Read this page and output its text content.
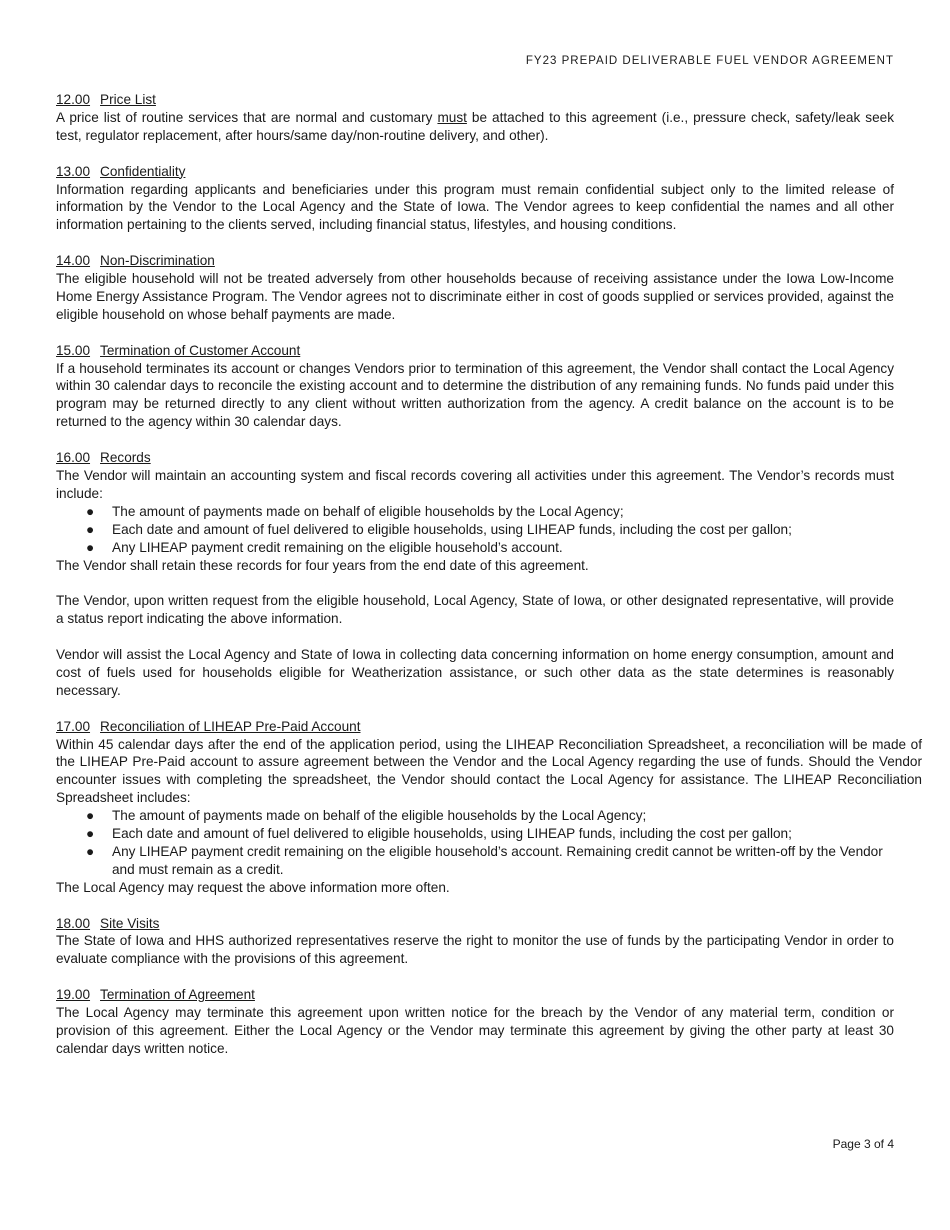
FY23 PREPAID DELIVERABLE FUEL VENDOR AGREEMENT
12.00 Price List

A price list of routine services that are normal and customary must be attached to this agreement (i.e., pressure check, safety/leak seek test, regulator replacement, after hours/same day/non-routine delivery, and other).

13.00 Confidentiality

Information regarding applicants and beneficiaries under this program must remain confidential subject only to the limited release of information by the Vendor to the Local Agency and the State of Iowa. The Vendor agrees to keep confidential the names and all other information pertaining to the clients served, including financial status, lifestyles, and housing conditions.

14.00 Non-Discrimination

The eligible household will not be treated adversely from other households because of receiving assistance under the Iowa Low-Income Home Energy Assistance Program. The Vendor agrees not to discriminate either in cost of goods supplied or services provided, against the eligible household on whose behalf payments are made.

15.00 Termination of Customer Account

If a household terminates its account or changes Vendors prior to termination of this agreement, the Vendor shall contact the Local Agency within 30 calendar days to reconcile the existing account and to determine the distribution of any remaining funds. No funds paid under this program may be returned directly to any client without written authorization from the agency. A credit balance on the account is to be returned to the agency within 30 calendar days.

16.00 Records

The Vendor will maintain an accounting system and fiscal records covering all activities under this agreement. The Vendor’s records must include:

● The amount of payments made on behalf of eligible households by the Local Agency;
● Each date and amount of fuel delivered to eligible households, using LIHEAP funds, including the cost per gallon;
● Any LIHEAP payment credit remaining on the eligible household’s account.

The Vendor shall retain these records for four years from the end date of this agreement.

The Vendor, upon written request from the eligible household, Local Agency, State of Iowa, or other designated representative, will provide a status report indicating the above information.

Vendor will assist the Local Agency and State of Iowa in collecting data concerning information on home energy consumption, amount and cost of fuels used for households eligible for Weatherization assistance, or such other data as the state determines is reasonably necessary.

17.00 Reconciliation of LIHEAP Pre-Paid Account

Within 45 calendar days after the end of the application period, using the LIHEAP Reconciliation Spreadsheet, a reconciliation will be made of the LIHEAP Pre-Paid account to assure agreement between the Vendor and the Local Agency regarding the use of funds. Should the Vendor encounter issues with completing the spreadsheet, the Vendor should contact the Local Agency for assistance. The LIHEAP Reconciliation Spreadsheet includes:

● The amount of payments made on behalf of the eligible households by the Local Agency;
● Each date and amount of fuel delivered to eligible households, using LIHEAP funds, including the cost per gallon;
● Any LIHEAP payment credit remaining on the eligible household’s account. Remaining credit cannot be written-off by the Vendor and must remain as a credit.

The Local Agency may request the above information more often.

18.00 Site Visits

The State of Iowa and HHS authorized representatives reserve the right to monitor the use of funds by the participating Vendor in order to evaluate compliance with the provisions of this agreement.

19.00 Termination of Agreement

The Local Agency may terminate this agreement upon written notice for the breach by the Vendor of any material term, condition or provision of this agreement. Either the Local Agency or the Vendor may terminate this agreement by giving the other party at least 30 calendar days written notice.

Page 3 of 4
